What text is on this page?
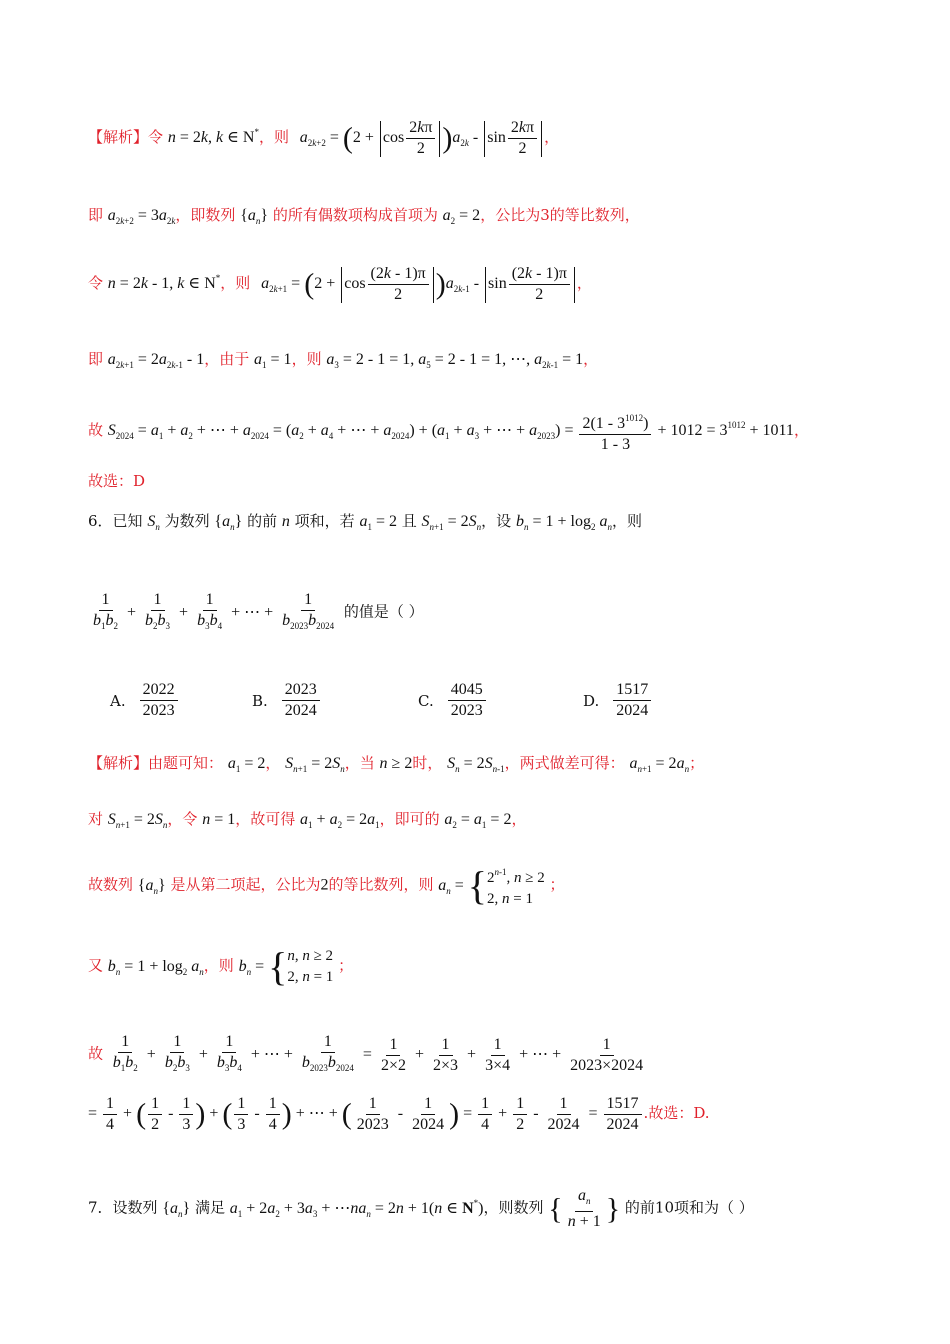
【解析】令 n = 2k, k ∈ N*，则 $a_{2k+2} = (2 + \cos \frac{2k\pi}{2} )a_{2k} - \sin \frac{2k\pi}{2}$ ，
即 $a_{2k+2} = 3a_{2k}$，即数列 $\{a_n\}$ 的所有偶数项构成首项为 $a_2 = 2$，公比为3的等比数列，
令 n = 2k - 1, k ∈ N*，则 $a_{2k+1} = (2 + \cos \frac{(2k - 1)\pi}{2} )a_{2k-1} - \sin \frac{(2k - 1)\pi}{2}$ ，
即 $a_{2k+1} = 2a_{2k-1} - 1$，由于 $a_1 = 1$，则 $a_3 = 2 - 1 = 1$, $a_5 = 2 - 1 = 1$, ⋯, $a_{2k-1} = 1$，
故 $S_{2024} = a_1 + a_2$ + ⋯ + $a_{2024} = (a_2 + a_4$ + ⋯ + $a_{2024}) + (a_1 + a_3$ + ⋯ + $a_{2023}) = \frac{2(1 - 3^{1012})}{1 - 3} + 1012 = 3^{1012} + 1011$，
故选：D
6．已知 $S_n$ 为数列 $\{a_n\}$ 的前 n 项和，若 $a_1 = 2$ 且 $S_{n+1} = 2S_n$，设 $b_n = 1 + \log_2 a_n$，则
$\frac{1}{b_1b_2} + \frac{1}{b_2b_3} + \frac{1}{b_3b_4}$ + ⋯ + $\frac{1}{b_{2023}b_{2024}}$ 的值是（ ）
A. $\frac{2022}{2023}$	B. $\frac{2023}{2024}$	C. $\frac{4045}{2023}$	D. $\frac{1517}{2024}$
【解析】由题可知： $a_1 = 2$， $S_{n+1} = 2S_n$，当 n ≥ 2时， $S_n = 2S_{n-1}$，两式做差可得： $a_{n+1} = 2a_n$；
对 $S_{n+1} = 2S_n$，令 n = 1，故可得 $a_1 + a_2 = 2a_1$，即可的 $a_2 = a_1 = 2$，
故数列 $\{a_n\}$ 是从第二项起，公比为2的等比数列，则 $a_n$ = { 2$^{n-1}$, n ≥ 2
2, n = 1
；
又 $b_n = 1 + \log_2 a_n$，则 $b_n$ = { n, n ≥ 2
2, n = 1
；
故 $\frac{1}{b_1b_2} + \frac{1}{b_2b_3} + \frac{1}{b_3b_4}$ + ⋯ + $\frac{1}{b_{2023}b_{2024}} = \frac{1}{2\times 2} + \frac{1}{2\times 3} + \frac{1}{3\times 4}$ + ⋯ + $\frac{1}{2023\times 2024}$
= $\frac{1}{4}$ + ( $\frac{1}{2} - \frac{1}{3}$ ) + ( $\frac{1}{3} - \frac{1}{4}$ ) + ⋯ + ( $\frac{1}{2023} - \frac{1}{2024}$ ) = $\frac{1}{4} + \frac{1}{2} - \frac{1}{2024} = \frac{1517}{2024}$ .故选：D.
7．设数列 $\{a_n\}$ 满足 $a_1 + 2a_2 + 3a_3$ + $\cdots na_n = 2n + 1(n$ ∈ N*)，则数列 { $\frac{a_n}{n + 1}$ } 的前10项和为（ ）
